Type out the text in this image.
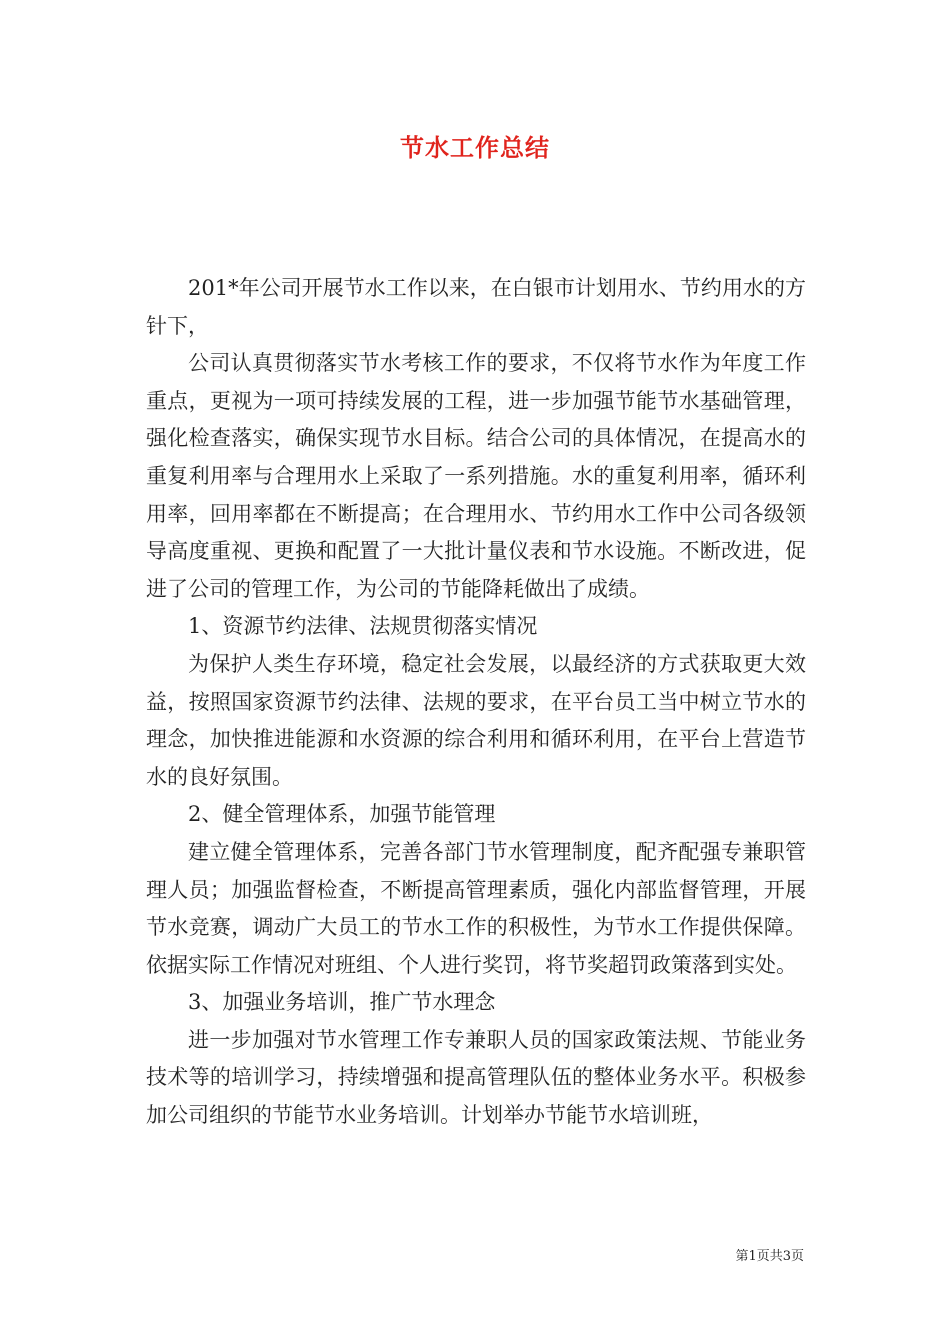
节水工作总结

201*年公司开展节水工作以来，在白银市计划用水、节约用水的方针下，

公司认真贯彻落实节水考核工作的要求，不仅将节水作为年度工作重点，更视为一项可持续发展的工程，进一步加强节能节水基础管理，强化检查落实，确保实现节水目标。结合公司的具体情况，在提高水的重复利用率与合理用水上采取了一系列措施。水的重复利用率，循环利用率，回用率都在不断提高；在合理用水、节约用水工作中公司各级领导高度重视、更换和配置了一大批计量仪表和节水设施。不断改进，促进了公司的管理工作，为公司的节能降耗做出了成绩。

1、资源节约法律、法规贯彻落实情况

为保护人类生存环境，稳定社会发展，以最经济的方式获取更大效益，按照国家资源节约法律、法规的要求，在平台员工当中树立节水的理念，加快推进能源和水资源的综合利用和循环利用，在平台上营造节水的良好氛围。

2、健全管理体系，加强节能管理

建立健全管理体系，完善各部门节水管理制度，配齐配强专兼职管理人员；加强监督检查，不断提高管理素质，强化内部监督管理，开展节水竞赛，调动广大员工的节水工作的积极性，为节水工作提供保障。依据实际工作情况对班组、个人进行奖罚，将节奖超罚政策落到实处。

3、加强业务培训，推广节水理念

进一步加强对节水管理工作专兼职人员的国家政策法规、节能业务技术等的培训学习，持续增强和提高管理队伍的整体业务水平。积极参加公司组织的节能节水业务培训。计划举办节能节水培训班，

第1页共3页
